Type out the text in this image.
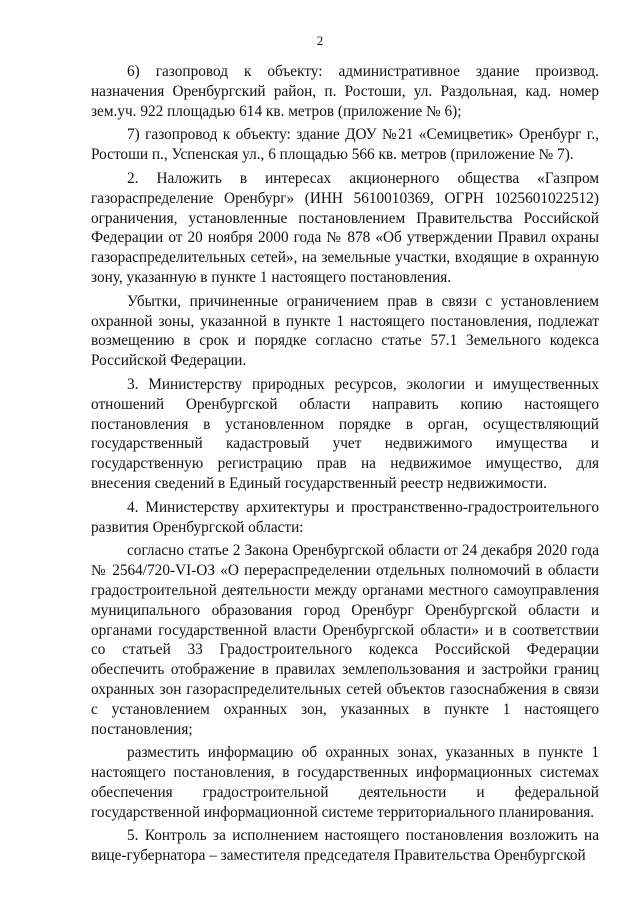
2

6) газопровод к объекту: административное здание производ. назначения Оренбургский район, п. Ростоши, ул. Раздольная, кад. номер зем.уч. 922 площадью 614 кв. метров (приложение № 6);

7) газопровод к объекту: здание ДОУ №21 «Семицветик» Оренбург г., Ростоши п., Успенская ул., 6 площадью 566 кв. метров (приложение № 7).

2. Наложить в интересах акционерного общества «Газпром газораспределение Оренбург» (ИНН 5610010369, ОГРН 1025601022512) ограничения, установленные постановлением Правительства Российской Федерации от 20 ноября 2000 года № 878 «Об утверждении Правил охраны газораспределительных сетей», на земельные участки, входящие в охранную зону, указанную в пункте 1 настоящего постановления.

Убытки, причиненные ограничением прав в связи с установлением охранной зоны, указанной в пункте 1 настоящего постановления, подлежат возмещению в срок и порядке согласно статье 57.1 Земельного кодекса Российской Федерации.

3. Министерству природных ресурсов, экологии и имущественных отношений Оренбургской области направить копию настоящего постановления в установленном порядке в орган, осуществляющий государственный кадастровый учет недвижимого имущества и государственную регистрацию прав на недвижимое имущество, для внесения сведений в Единый государственный реестр недвижимости.

4. Министерству архитектуры и пространственно-градостроительного развития Оренбургской области:

согласно статье 2 Закона Оренбургской области от 24 декабря 2020 года № 2564/720-VI-ОЗ «О перераспределении отдельных полномочий в области градостроительной деятельности между органами местного самоуправления муниципального образования город Оренбург Оренбургской области и органами государственной власти Оренбургской области» и в соответствии со статьей 33 Градостроительного кодекса Российской Федерации обеспечить отображение в правилах землепользования и застройки границ охранных зон газораспределительных сетей объектов газоснабжения в связи с установлением охранных зон, указанных в пункте 1 настоящего постановления;

разместить информацию об охранных зонах, указанных в пункте 1 настоящего постановления, в государственных информационных системах обеспечения градостроительной деятельности и федеральной государственной информационной системе территориального планирования.

5. Контроль за исполнением настоящего постановления возложить на вице-губернатора – заместителя председателя Правительства Оренбургской
